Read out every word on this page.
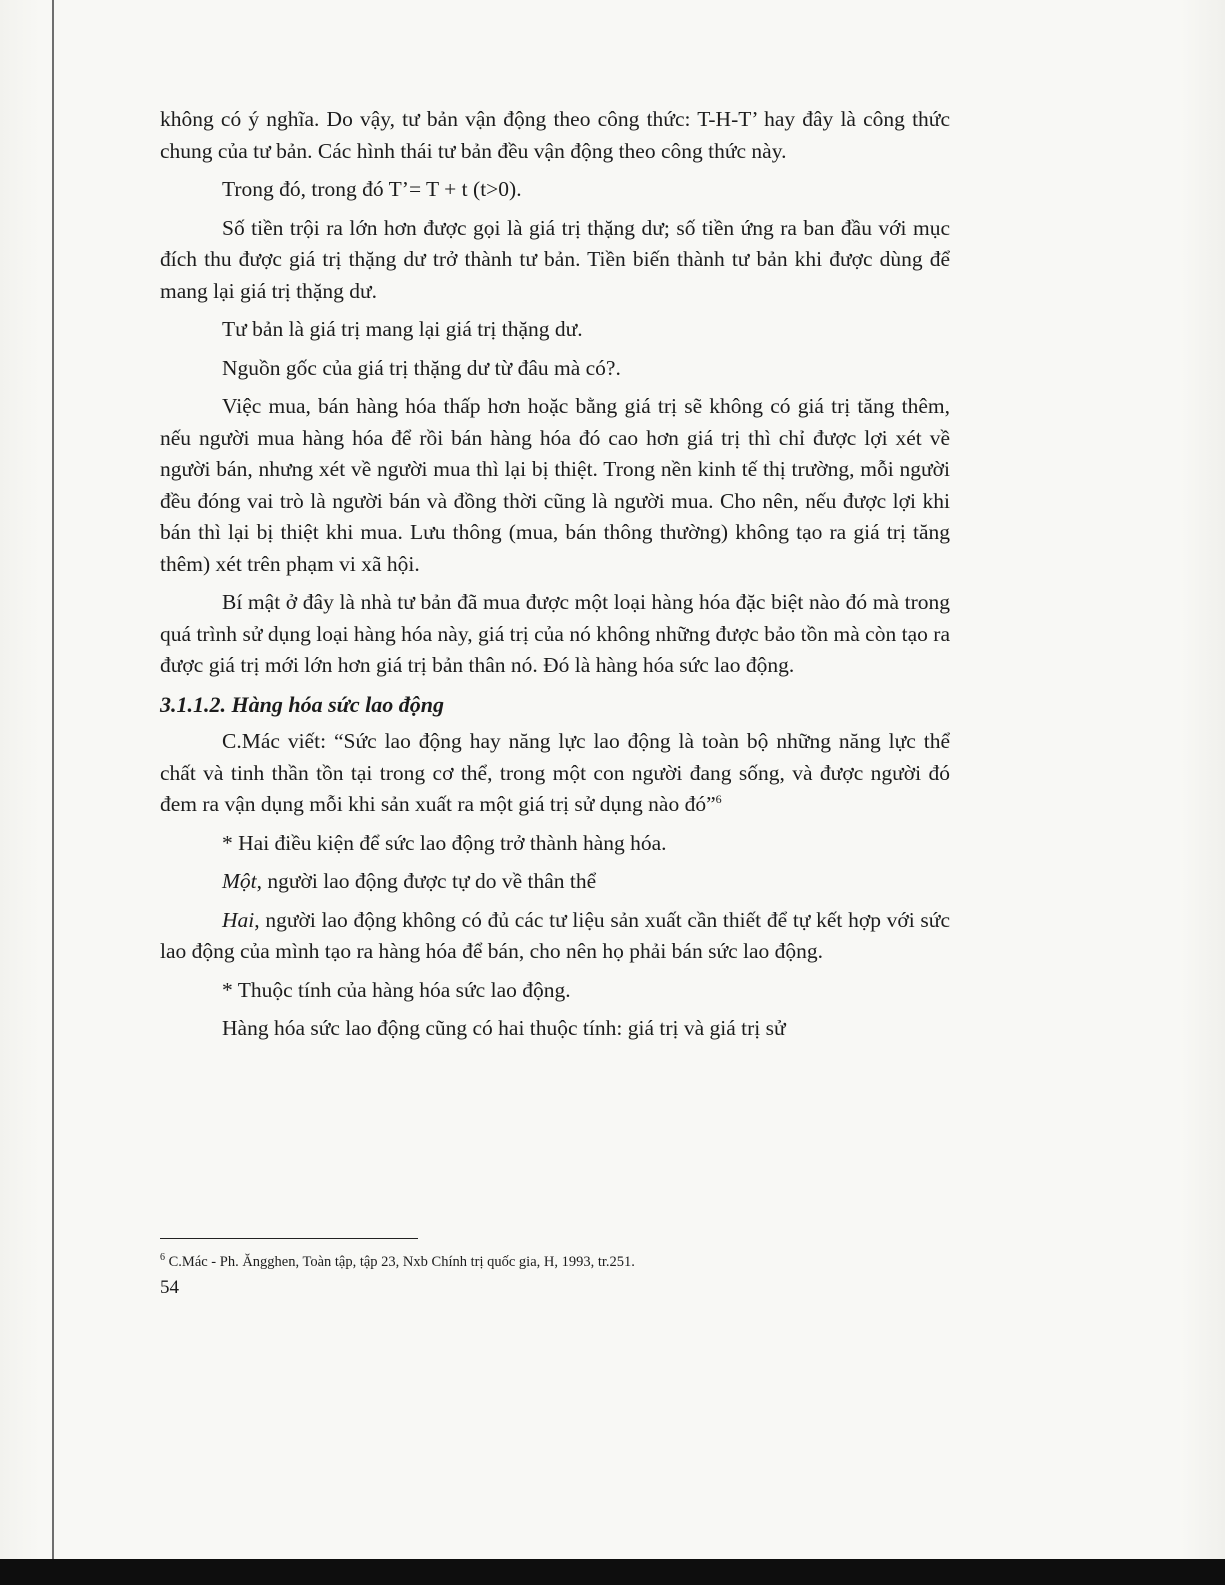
không có ý nghĩa. Do vậy, tư bản vận động theo công thức: T-H-T’ hay đây là công thức chung của tư bản. Các hình thái tư bản đều vận động theo công thức này.

Trong đó, trong đó T’= T + t (t>0).

Số tiền trội ra lớn hơn được gọi là giá trị thặng dư; số tiền ứng ra ban đầu với mục đích thu được giá trị thặng dư trở thành tư bản. Tiền biến thành tư bản khi được dùng để mang lại giá trị thặng dư.

Tư bản là giá trị mang lại giá trị thặng dư.

Nguồn gốc của giá trị thặng dư từ đâu mà có?.

Việc mua, bán hàng hóa thấp hơn hoặc bằng giá trị sẽ không có giá trị tăng thêm, nếu người mua hàng hóa để rồi bán hàng hóa đó cao hơn giá trị thì chỉ được lợi xét về người bán, nhưng xét về người mua thì lại bị thiệt. Trong nền kinh tế thị trường, mỗi người đều đóng vai trò là người bán và đồng thời cũng là người mua. Cho nên, nếu được lợi khi bán thì lại bị thiệt khi mua. Lưu thông (mua, bán thông thường) không tạo ra giá trị tăng thêm) xét trên phạm vi xã hội.

Bí mật ở đây là nhà tư bản đã mua được một loại hàng hóa đặc biệt nào đó mà trong quá trình sử dụng loại hàng hóa này, giá trị của nó không những được bảo tồn mà còn tạo ra được giá trị mới lớn hơn giá trị bản thân nó. Đó là hàng hóa sức lao động.

3.1.1.2. Hàng hóa sức lao động

C.Mác viết: “Sức lao động hay năng lực lao động là toàn bộ những năng lực thể chất và tinh thần tồn tại trong cơ thể, trong một con người đang sống, và được người đó đem ra vận dụng mỗi khi sản xuất ra một giá trị sử dụng nào đó”$^6$

* Hai điều kiện để sức lao động trở thành hàng hóa.

Một, người lao động được tự do về thân thể

Hai, người lao động không có đủ các tư liệu sản xuất cần thiết để tự kết hợp với sức lao động của mình tạo ra hàng hóa để bán, cho nên họ phải bán sức lao động.

* Thuộc tính của hàng hóa sức lao động.

Hàng hóa sức lao động cũng có hai thuộc tính: giá trị và giá trị sử

$^6$ C.Mác - Ph. Ăngghen, Toàn tập, tập 23, Nxb Chính trị quốc gia, H, 1993, tr.251.
54
